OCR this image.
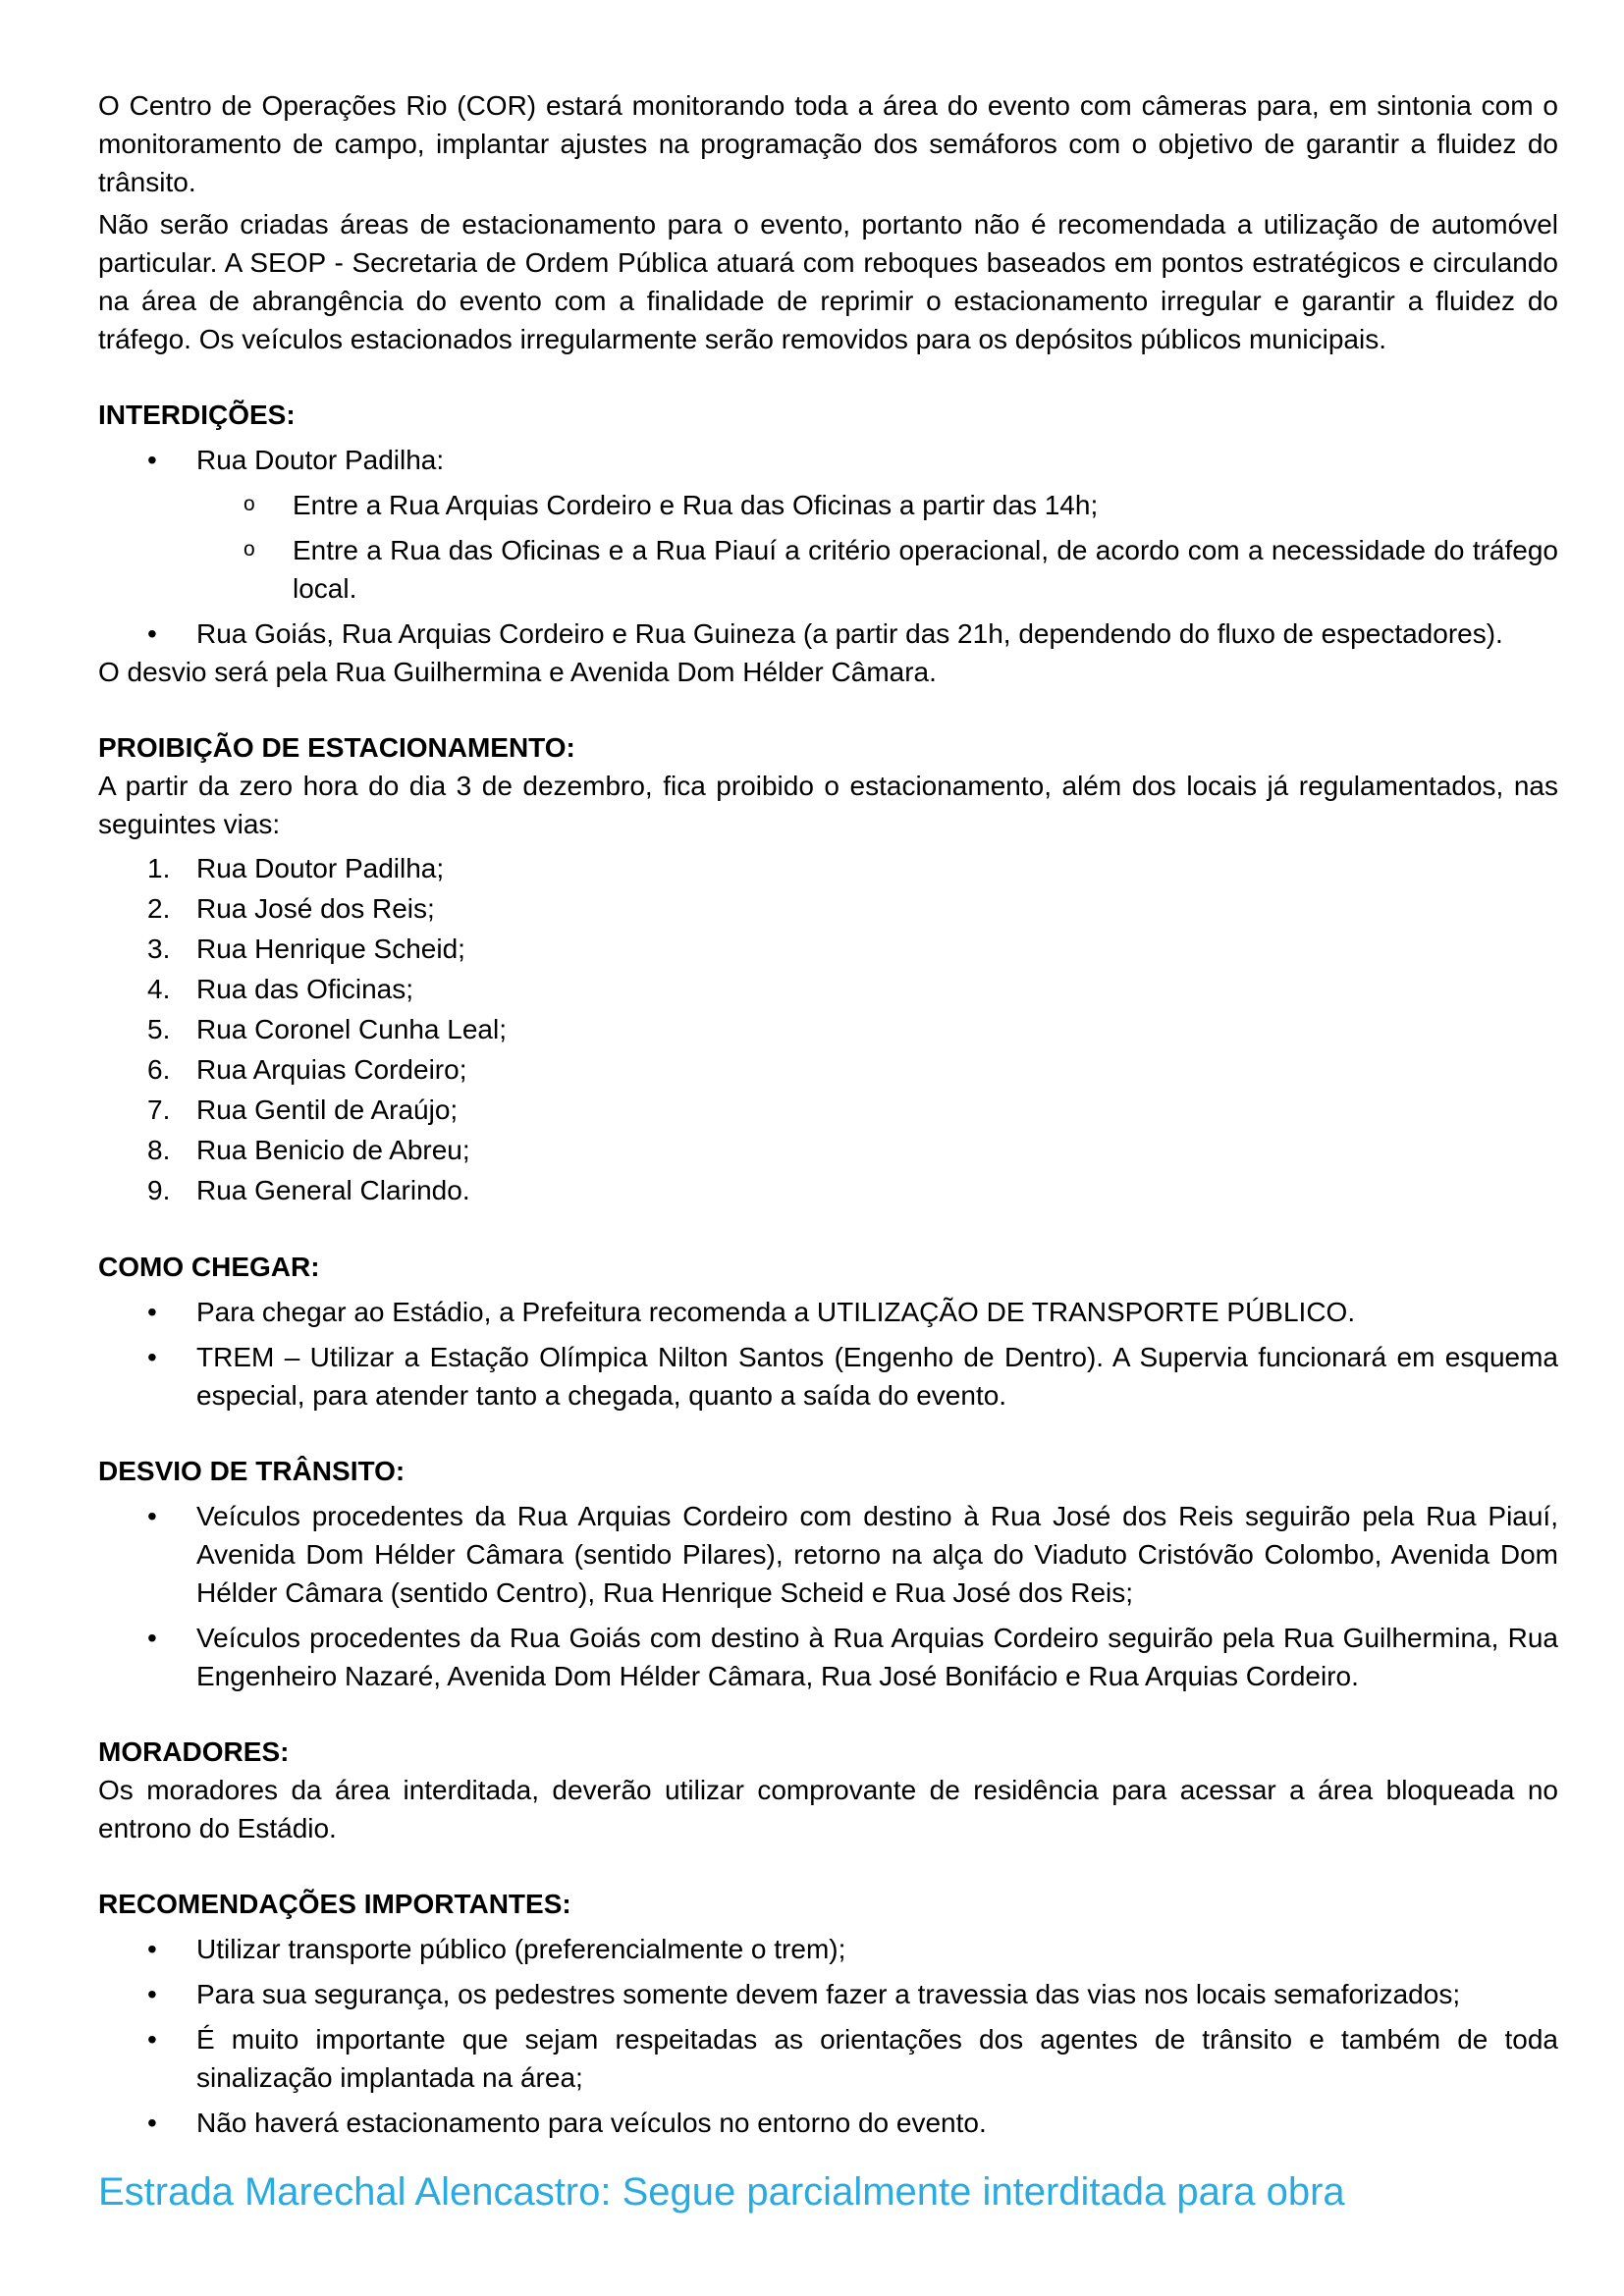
O Centro de Operações Rio (COR) estará monitorando toda a área do evento com câmeras para, em sintonia com o monitoramento de campo, implantar ajustes na programação dos semáforos com o objetivo de garantir a fluidez do trânsito.

Não serão criadas áreas de estacionamento para o evento, portanto não é recomendada a utilização de automóvel particular. A SEOP - Secretaria de Ordem Pública atuará com reboques baseados em pontos estratégicos e circulando na área de abrangência do evento com a finalidade de reprimir o estacionamento irregular e garantir a fluidez do tráfego. Os veículos estacionados irregularmente serão removidos para os depósitos públicos municipais.

INTERDIÇÕES:

• Rua Doutor Padilha:
o Entre a Rua Arquias Cordeiro e Rua das Oficinas a partir das 14h;
o Entre a Rua das Oficinas e a Rua Piauí a critério operacional, de acordo com a necessidade do tráfego local.
• Rua Goiás, Rua Arquias Cordeiro e Rua Guineza (a partir das 21h, dependendo do fluxo de espectadores).

O desvio será pela Rua Guilhermina e Avenida Dom Hélder Câmara.

PROIBIÇÃO DE ESTACIONAMENTO:

A partir da zero hora do dia 3 de dezembro, fica proibido o estacionamento, além dos locais já regulamentados, nas seguintes vias:

1. Rua Doutor Padilha;
2. Rua José dos Reis;
3. Rua Henrique Scheid;
4. Rua das Oficinas;
5. Rua Coronel Cunha Leal;
6. Rua Arquias Cordeiro;
7. Rua Gentil de Araújo;
8. Rua Benicio de Abreu;
9. Rua General Clarindo.

COMO CHEGAR:

• Para chegar ao Estádio, a Prefeitura recomenda a UTILIZAÇÃO DE TRANSPORTE PÚBLICO.
• TREM – Utilizar a Estação Olímpica Nilton Santos (Engenho de Dentro). A Supervia funcionará em esquema especial, para atender tanto a chegada, quanto a saída do evento.

DESVIO DE TRÂNSITO:

• Veículos procedentes da Rua Arquias Cordeiro com destino à Rua José dos Reis seguirão pela Rua Piauí, Avenida Dom Hélder Câmara (sentido Pilares), retorno na alça do Viaduto Cristóvão Colombo, Avenida Dom Hélder Câmara (sentido Centro), Rua Henrique Scheid e Rua José dos Reis;
• Veículos procedentes da Rua Goiás com destino à Rua Arquias Cordeiro seguirão pela Rua Guilhermina, Rua Engenheiro Nazaré, Avenida Dom Hélder Câmara, Rua José Bonifácio e Rua Arquias Cordeiro.

MORADORES:

Os moradores da área interditada, deverão utilizar comprovante de residência para acessar a área bloqueada no entrono do Estádio.

RECOMENDAÇÕES IMPORTANTES:

• Utilizar transporte público (preferencialmente o trem);
• Para sua segurança, os pedestres somente devem fazer a travessia das vias nos locais semaforizados;
• É muito importante que sejam respeitadas as orientações dos agentes de trânsito e também de toda sinalização implantada na área;
• Não haverá estacionamento para veículos no entorno do evento.
Estrada Marechal Alencastro: Segue parcialmente interditada para obra
